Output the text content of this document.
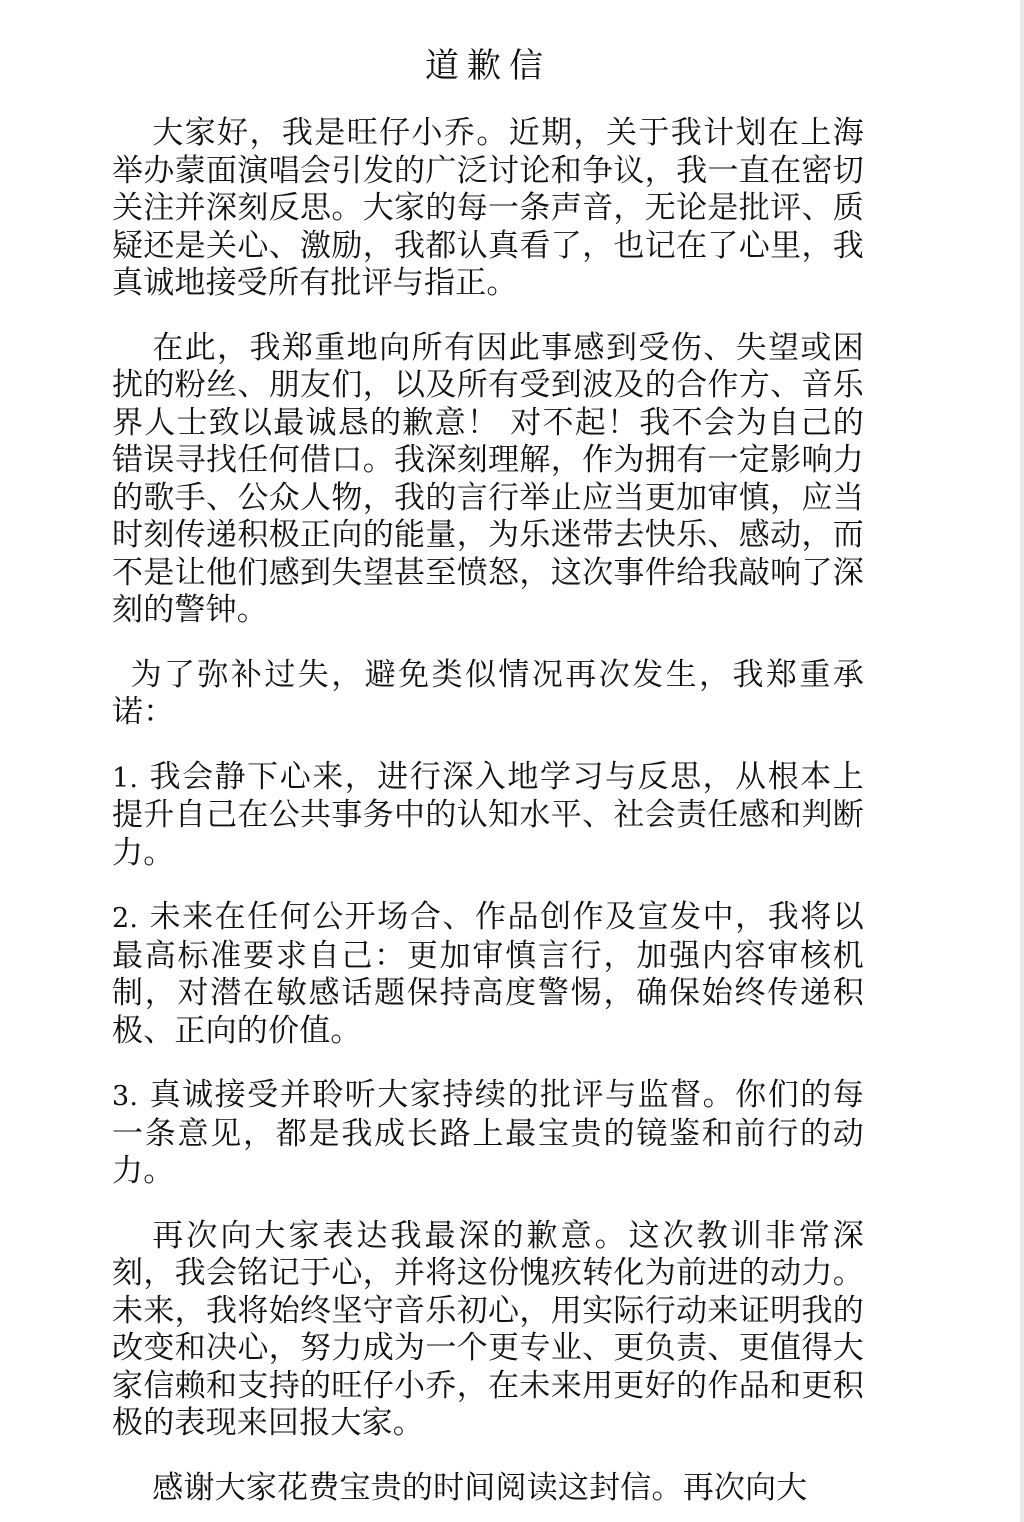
道歉信

大家好，我是旺仔小乔。近期，关于我计划在上海举办蒙面演唱会引发的广泛讨论和争议，我一直在密切关注并深刻反思。大家的每一条声音，无论是批评、质疑还是关心、激励，我都认真看了，也记在了心里，我真诚地接受所有批评与指正。

在此，我郑重地向所有因此事感到受伤、失望或困扰的粉丝、朋友们，以及所有受到波及的合作方、音乐界人士致以最诚恳的歉意！ 对不起！我不会为自己的错误寻找任何借口。我深刻理解，作为拥有一定影响力的歌手、公众人物，我的言行举止应当更加审慎，应当时刻传递积极正向的能量，为乐迷带去快乐、感动，而不是让他们感到失望甚至愤怒，这次事件给我敲响了深刻的警钟。

为了弥补过失，避免类似情况再次发生，我郑重承诺：

1. 我会静下心来，进行深入地学习与反思，从根本上提升自己在公共事务中的认知水平、社会责任感和判断力。

2. 未来在任何公开场合、作品创作及宣发中，我将以最高标准要求自己：更加审慎言行，加强内容审核机制，对潜在敏感话题保持高度警惕，确保始终传递积极、正向的价值。

3. 真诚接受并聆听大家持续的批评与监督。你们的每一条意见，都是我成长路上最宝贵的镜鉴和前行的动力。

再次向大家表达我最深的歉意。这次教训非常深刻，我会铭记于心，并将这份愧疚转化为前进的动力。未来，我将始终坚守音乐初心，用实际行动来证明我的改变和决心，努力成为一个更专业、更负责、更值得大家信赖和支持的旺仔小乔，在未来用更好的作品和更积极的表现来回报大家。

感谢大家花费宝贵的时间阅读这封信。再次向大
